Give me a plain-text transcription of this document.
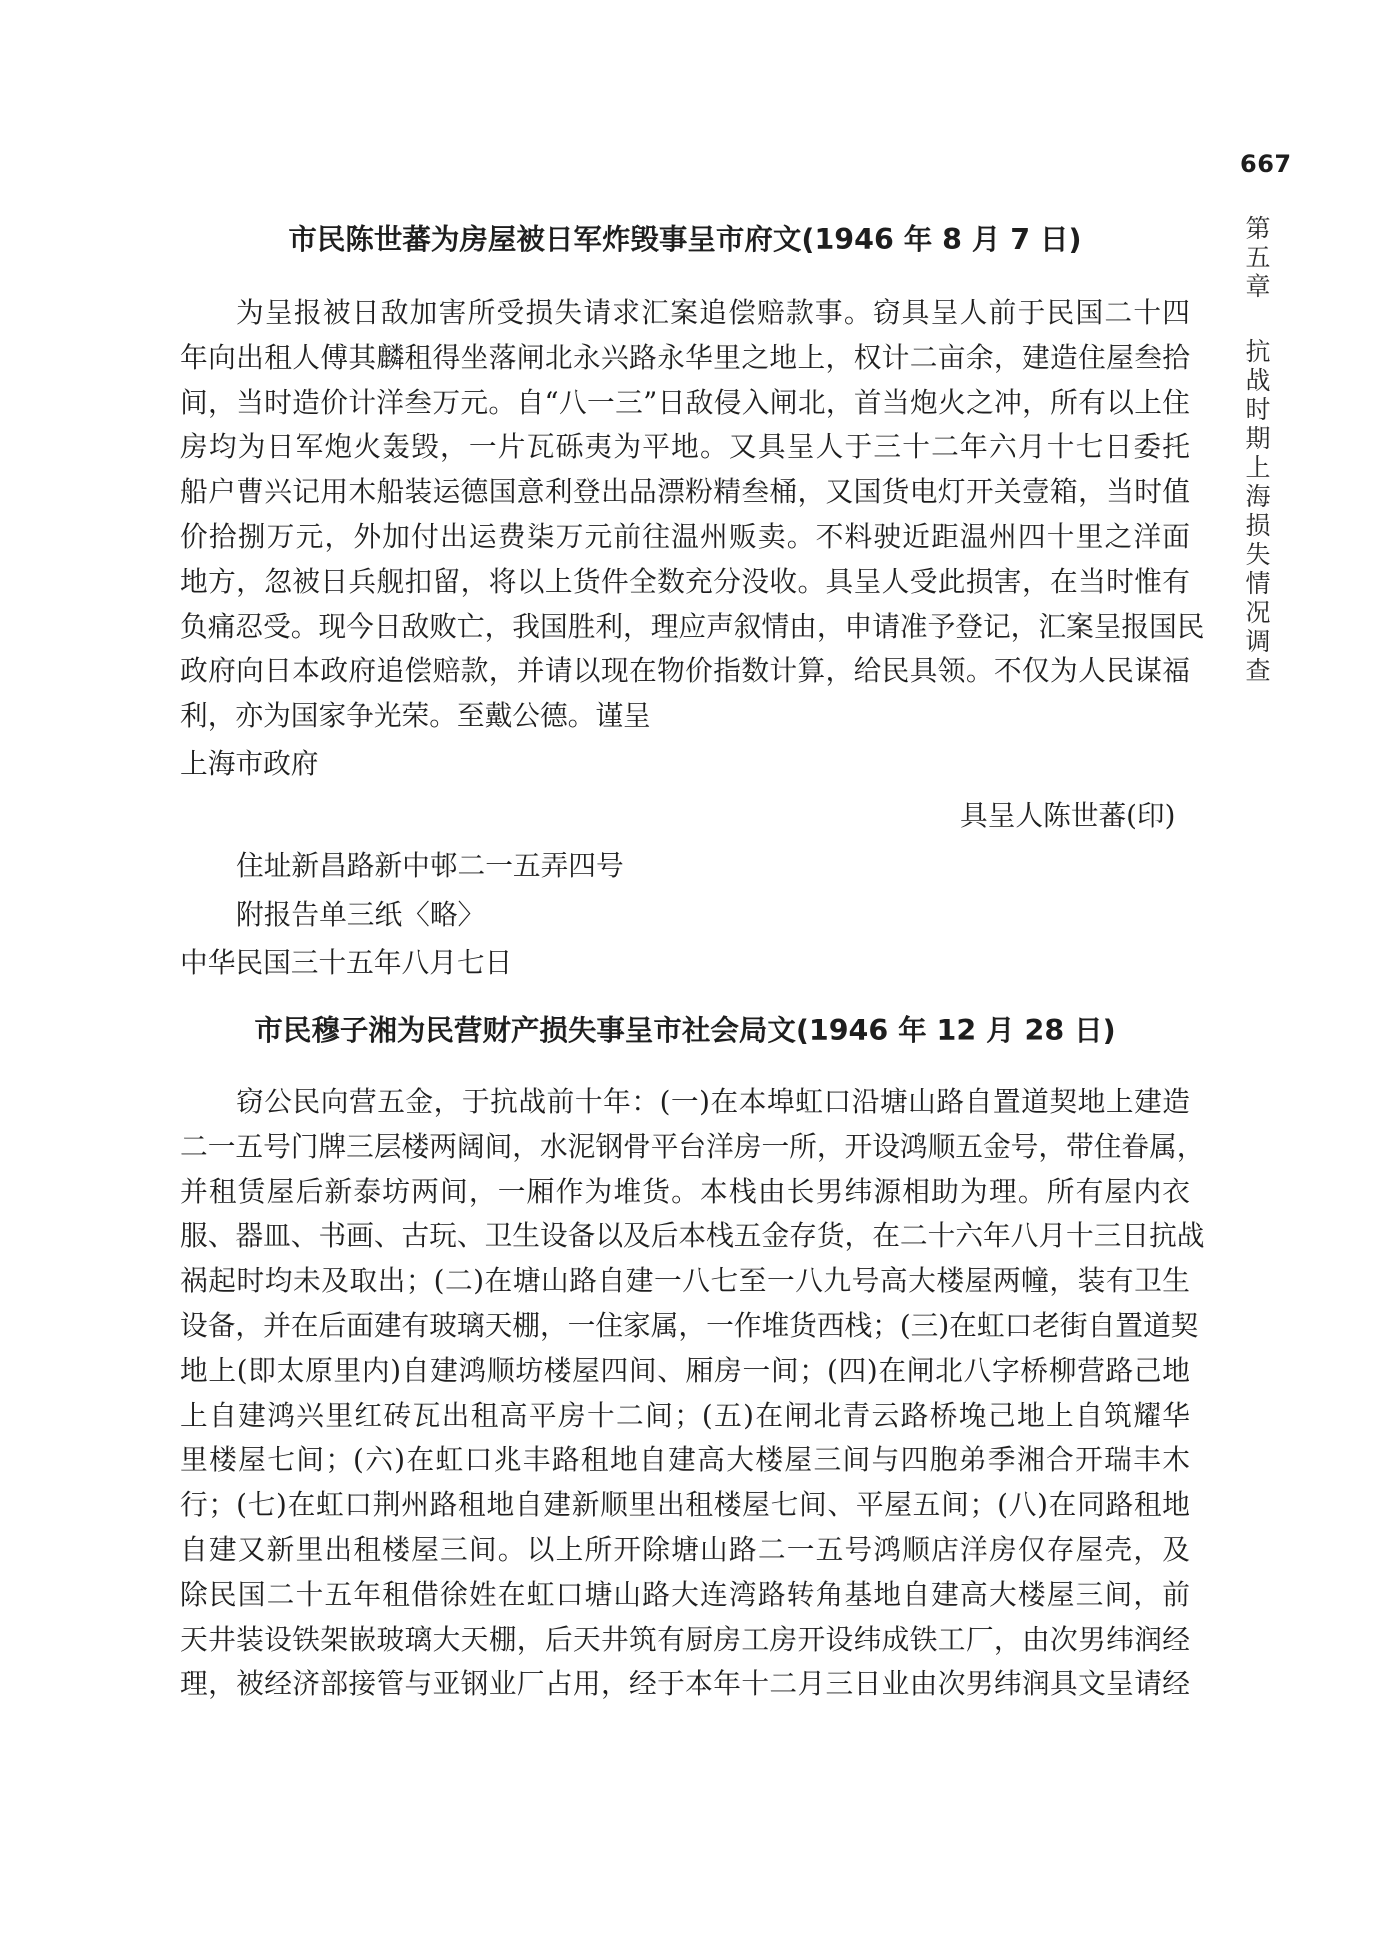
667
第五章抗战时期上海损失情况调查
市民陈世蕃为房屋被日军炸毁事呈市府文(1946 年 8 月 7 日)
为呈报被日敌加害所受损失请求汇案追偿赔款事。窃具呈人前于民国二十四
年向出租人傅其麟租得坐落闸北永兴路永华里之地上，权计二亩余，建造住屋叁拾
间，当时造价计洋叁万元。自“八一三”日敌侵入闸北，首当炮火之冲，所有以上住
房均为日军炮火轰毁，一片瓦砾夷为平地。又具呈人于三十二年六月十七日委托
船户曹兴记用木船装运德国意利登出品漂粉精叁桶，又国货电灯开关壹箱，当时值
价拾捌万元，外加付出运费柒万元前往温州贩卖。不料驶近距温州四十里之洋面
地方，忽被日兵舰扣留，将以上货件全数充分没收。具呈人受此损害，在当时惟有
负痛忍受。现今日敌败亡，我国胜利，理应声叙情由，申请准予登记，汇案呈报国民
政府向日本政府追偿赔款，并请以现在物价指数计算，给民具领。不仅为人民谋福
利，亦为国家争光荣。至戴公德。谨呈
上海市政府
具呈人陈世蕃(印)
住址新昌路新中邨二一五弄四号
附报告单三纸〈略〉
中华民国三十五年八月七日
市民穆子湘为民营财产损失事呈市社会局文(1946 年 12 月 28 日)
窃公民向营五金，于抗战前十年：(一)在本埠虹口沿塘山路自置道契地上建造
二一五号门牌三层楼两阔间，水泥钢骨平台洋房一所，开设鸿顺五金号，带住眷属，
并租赁屋后新泰坊两间，一厢作为堆货。本栈由长男纬源相助为理。所有屋内衣
服、器皿、书画、古玩、卫生设备以及后本栈五金存货，在二十六年八月十三日抗战
祸起时均未及取出；(二)在塘山路自建一八七至一八九号高大楼屋两幢，装有卫生
设备，并在后面建有玻璃天棚，一住家属，一作堆货西栈；(三)在虹口老街自置道契
地上(即太原里内)自建鸿顺坊楼屋四间、厢房一间；(四)在闸北八字桥柳营路己地
上自建鸿兴里红砖瓦出租高平房十二间；(五)在闸北青云路桥堍己地上自筑耀华
里楼屋七间；(六)在虹口兆丰路租地自建高大楼屋三间与四胞弟季湘合开瑞丰木
行；(七)在虹口荆州路租地自建新顺里出租楼屋七间、平屋五间；(八)在同路租地
自建又新里出租楼屋三间。以上所开除塘山路二一五号鸿顺店洋房仅存屋壳，及
除民国二十五年租借徐姓在虹口塘山路大连湾路转角基地自建高大楼屋三间，前
天井装设铁架嵌玻璃大天棚，后天井筑有厨房工房开设纬成铁工厂，由次男纬润经
理，被经济部接管与亚钢业厂占用，经于本年十二月三日业由次男纬润具文呈请经
